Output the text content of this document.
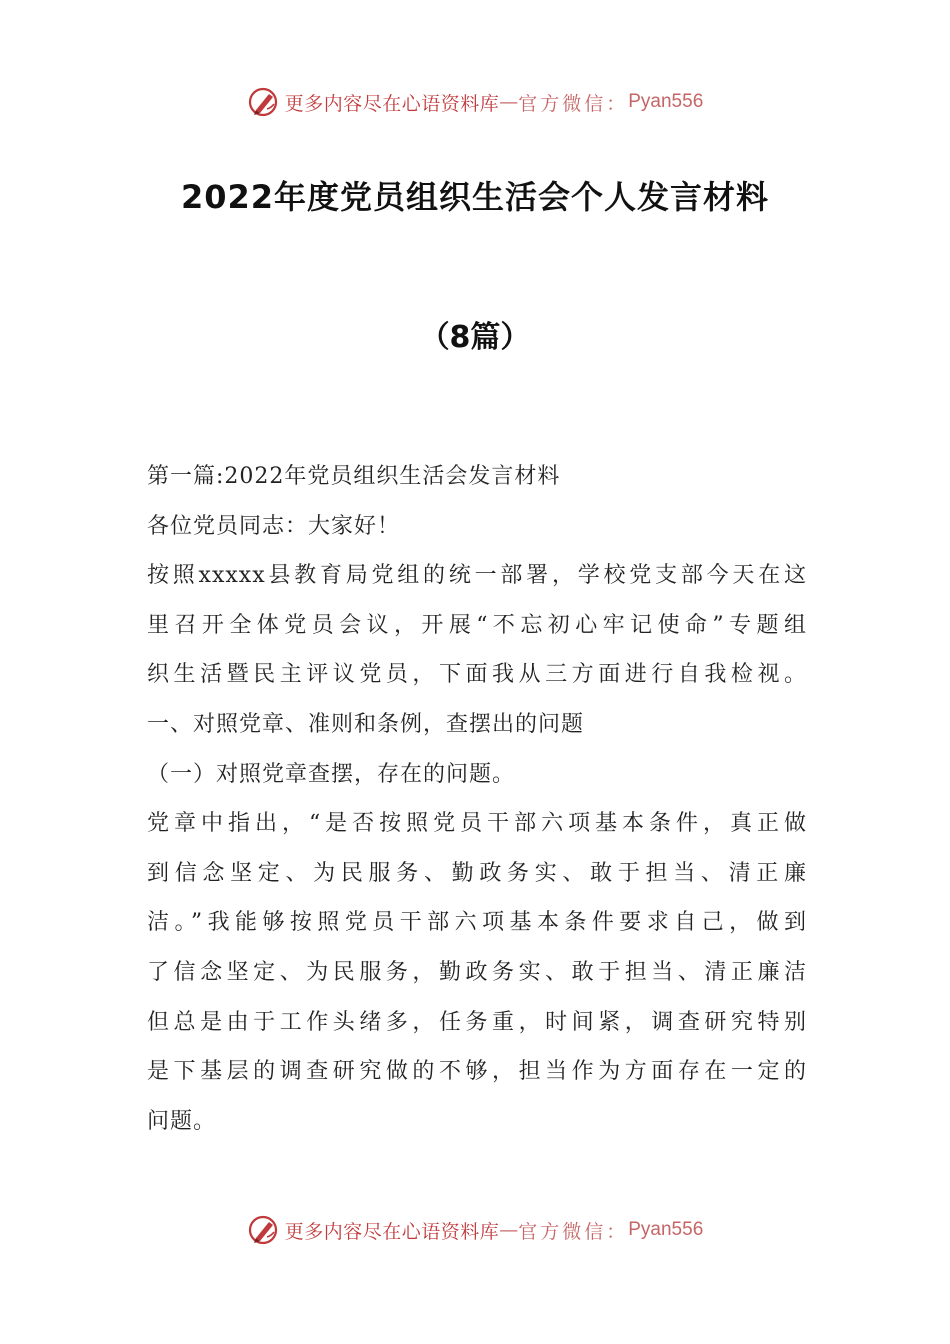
更多内容尽在心语资料库 — 官方微信： Pyan556
2022年度党员组织生活会个人发言材料
（8篇）

第一篇:2022年党员组织生活会发言材料

各位党员同志：大家好！

按照xxxxx县教育局党组的统一部署，学校党支部今天在这

里召开全体党员会议，开展“不忘初心牢记使命”专题组

织生活暨民主评议党员，下面我从三方面进行自我检视。

一、对照党章、准则和条例，查摆出的问题

（一）对照党章查摆，存在的问题。

党章中指出，“是否按照党员干部六项基本条件，真正做

到信念坚定、为民服务、勤政务实、敢于担当、清正廉

洁。”我能够按照党员干部六项基本条件要求自己，做到

了信念坚定、为民服务，勤政务实、敢于担当、清正廉洁

但总是由于工作头绪多，任务重，时间紧，调查研究特别

是下基层的调查研究做的不够，担当作为方面存在一定的

问题。

更多内容尽在心语资料库 — 官方微信： Pyan556
